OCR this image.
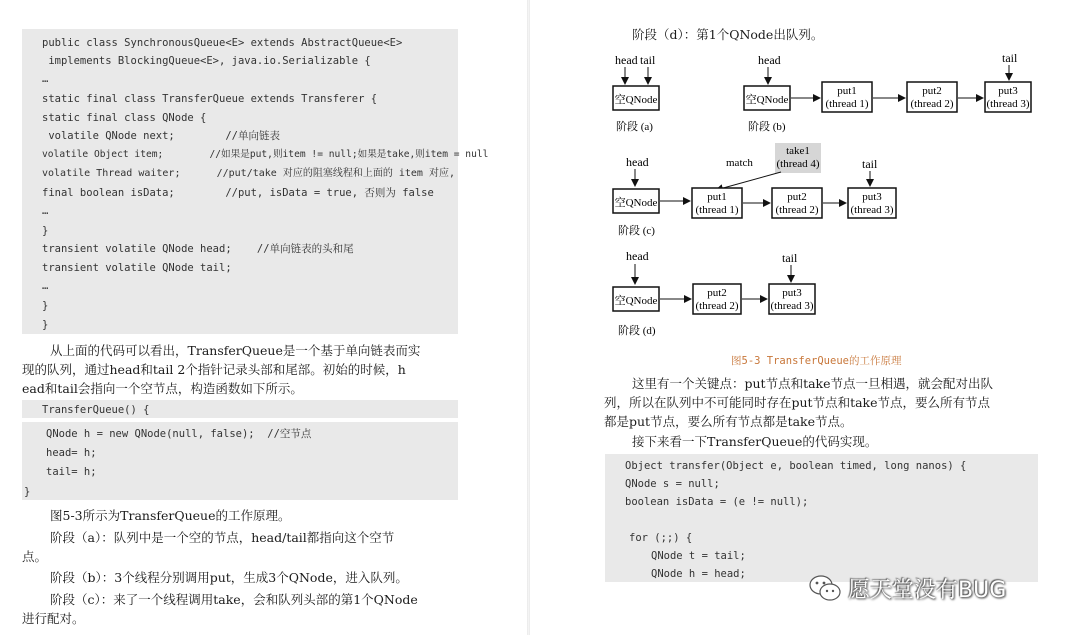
public class SynchronousQueue<E> extends AbstractQueue<E>
implements BlockingQueue<E>, java.io.Serializable {
…
static final class TransferQueue extends Transferer {
static final class QNode {
volatile QNode next;        //单向链表
volatile Object item;        //如果是put,则item != null;如果是take,则item = null
volatile Thread waiter;      //put/take 对应的阻塞线程和上面的 item 对应,
final boolean isData;        //put, isData = true, 否则为 false
…
}
transient volatile QNode head;    //单向链表的头和尾
transient volatile QNode tail;
…
}
}
从上面的代码可以看出，TransferQueue是一个基于单向链表而实
现的队列，通过head和tail 2个指针记录头部和尾部。初始的时候，h
ead和tail会指向一个空节点，构造函数如下所示。
TransferQueue() {
QNode h = new QNode(null, false);  //空节点
head= h;
tail= h;
}
图5-3所示为TransferQueue的工作原理。
阶段（a）：队列中是一个空的节点，head/tail都指向这个空节
点。
阶段（b）：3个线程分别调用put，生成3个QNode，进入队列。
阶段（c）：来了一个线程调用take，会和队列头部的第1个QNode
进行配对。
阶段（d）：第1个QNode出队列。
head tail
空QNode
阶段 (a)
head
空QNode
put1
(thread 1)
put2
(thread 2)
put3
(thread 3)
tail
阶段 (b)
take1
(thread 4)
match
head
空QNode	put1
(thread 1)
put2
(thread 2)
put3
(thread 3)
tail
阶段 (c)
head
空QNode
put2
(thread 2)
put3
(thread 3)
tail
阶段 (d)
图5-3 TransferQueue的工作原理
这里有一个关键点：put节点和take节点一旦相遇，就会配对出队
列，所以在队列中不可能同时存在put节点和take节点，要么所有节点
都是put节点，要么所有节点都是take节点。
接下来看一下TransferQueue的代码实现。
Object transfer(Object e, boolean timed, long nanos) {
QNode s = null;
boolean isData = (e != null);
for (;;) {
QNode t = tail;
QNode h = head;
愿天堂没有BUG
